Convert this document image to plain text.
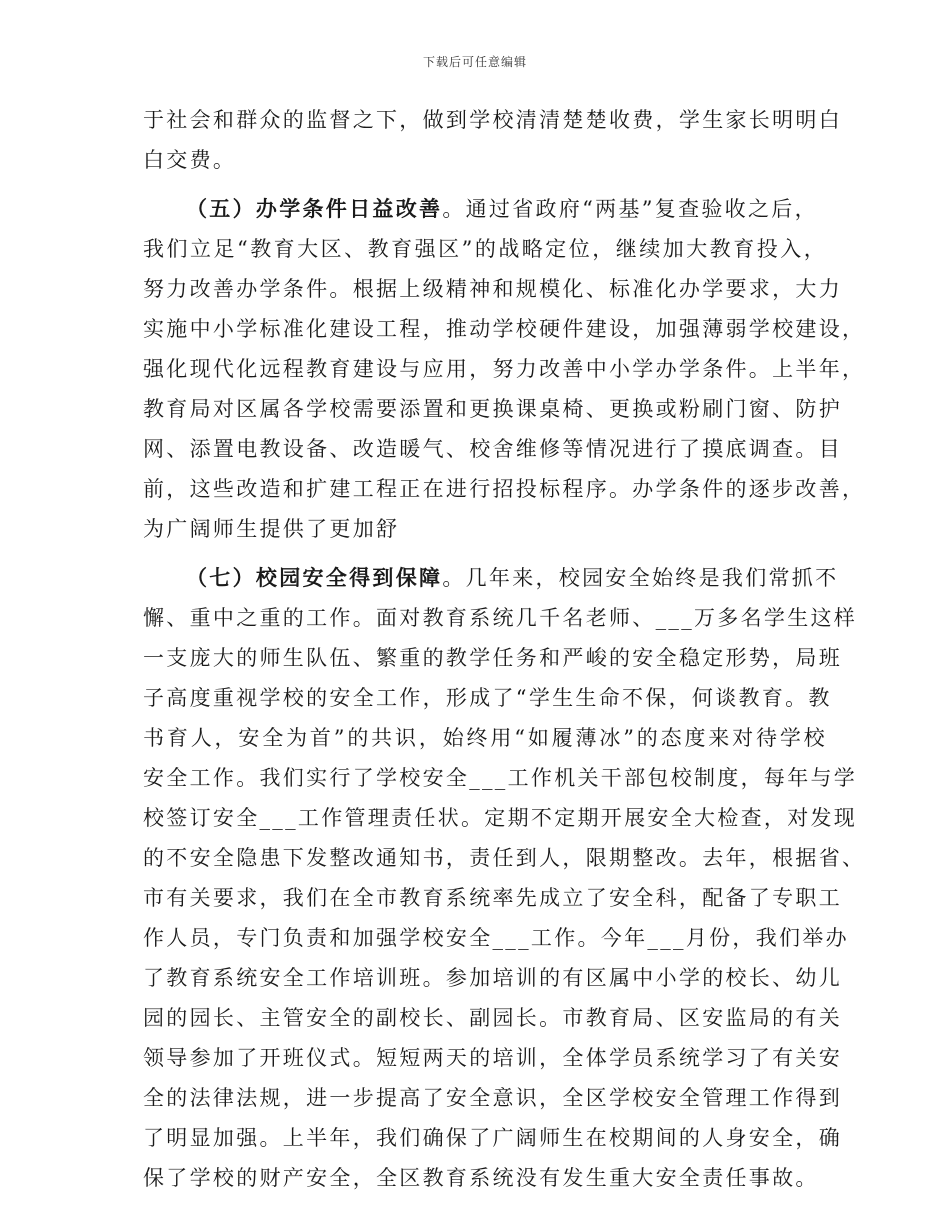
下载后可任意编辑
于社会和群众的监督之下，做到学校清清楚楚收费，学生家长明明白
白交费。
（五）办学条件日益改善。通过省政府“两基”复查验收之后，
我们立足“教育大区、教育强区”的战略定位，继续加大教育投入，
努力改善办学条件。根据上级精神和规模化、标准化办学要求，大力
实施中小学标准化建设工程，推动学校硬件建设，加强薄弱学校建设，
强化现代化远程教育建设与应用，努力改善中小学办学条件。上半年，
教育局对区属各学校需要添置和更换课桌椅、更换或粉刷门窗、防护
网、添置电教设备、改造暖气、校舍维修等情况进行了摸底调查。目
前，这些改造和扩建工程正在进行招投标程序。办学条件的逐步改善，
为广阔师生提供了更加舒
（七）校园安全得到保障。几年来，校园安全始终是我们常抓不
懈、重中之重的工作。面对教育系统几千名老师、___万多名学生这样
一支庞大的师生队伍、繁重的教学任务和严峻的安全稳定形势，局班
子高度重视学校的安全工作，形成了“学生生命不保，何谈教育。教
书育人，安全为首”的共识，始终用“如履薄冰”的态度来对待学校
安全工作。我们实行了学校安全___工作机关干部包校制度，每年与学
校签订安全___工作管理责任状。定期不定期开展安全大检查，对发现
的不安全隐患下发整改通知书，责任到人，限期整改。去年，根据省、
市有关要求，我们在全市教育系统率先成立了安全科，配备了专职工
作人员，专门负责和加强学校安全___工作。今年___月份，我们举办
了教育系统安全工作培训班。参加培训的有区属中小学的校长、幼儿
园的园长、主管安全的副校长、副园长。市教育局、区安监局的有关
领导参加了开班仪式。短短两天的培训，全体学员系统学习了有关安
全的法律法规，进一步提高了安全意识，全区学校安全管理工作得到
了明显加强。上半年，我们确保了广阔师生在校期间的人身安全，确
保了学校的财产安全，全区教育系统没有发生重大安全责任事故。
